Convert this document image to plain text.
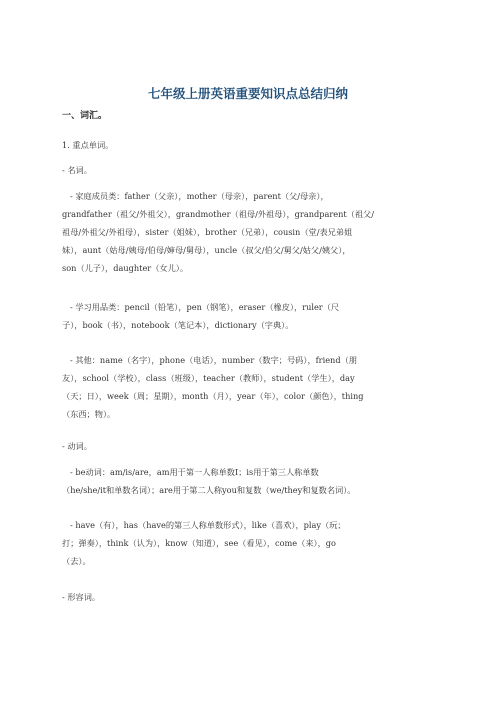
七年级上册英语重要知识点总结归纳
一、词汇。
1. 重点单词。
- 名词。
- 家庭成员类：father（父亲），mother（母亲），parent（父/母亲），
grandfather（祖父/外祖父），grandmother（祖母/外祖母），grandparent（祖父/
祖母/外祖父/外祖母），sister（姐妹），brother（兄弟），cousin（堂/表兄弟姐
妹），aunt（姑母/姨母/伯母/婶母/舅母），uncle（叔父/伯父/舅父/姑父/姨父），
son（儿子），daughter（女儿）。
- 学习用品类：pencil（铅笔），pen（钢笔），eraser（橡皮），ruler（尺
子），book（书），notebook（笔记本），dictionary（字典）。
- 其他：name（名字），phone（电话），number（数字；号码），friend（朋
友），school（学校），class（班级），teacher（教师），student（学生），day
（天；日），week（周；星期），month（月），year（年），color（颜色），thing
（东西；物）。
- 动词。
- be动词：am/is/are，am用于第一人称单数I；is用于第三人称单数
（he/she/it和单数名词）；are用于第二人称you和复数（we/they和复数名词）。
- have（有），has（have的第三人称单数形式），like（喜欢），play（玩；
打；弹奏），think（认为），know（知道），see（看见），come（来），go
（去）。
- 形容词。
